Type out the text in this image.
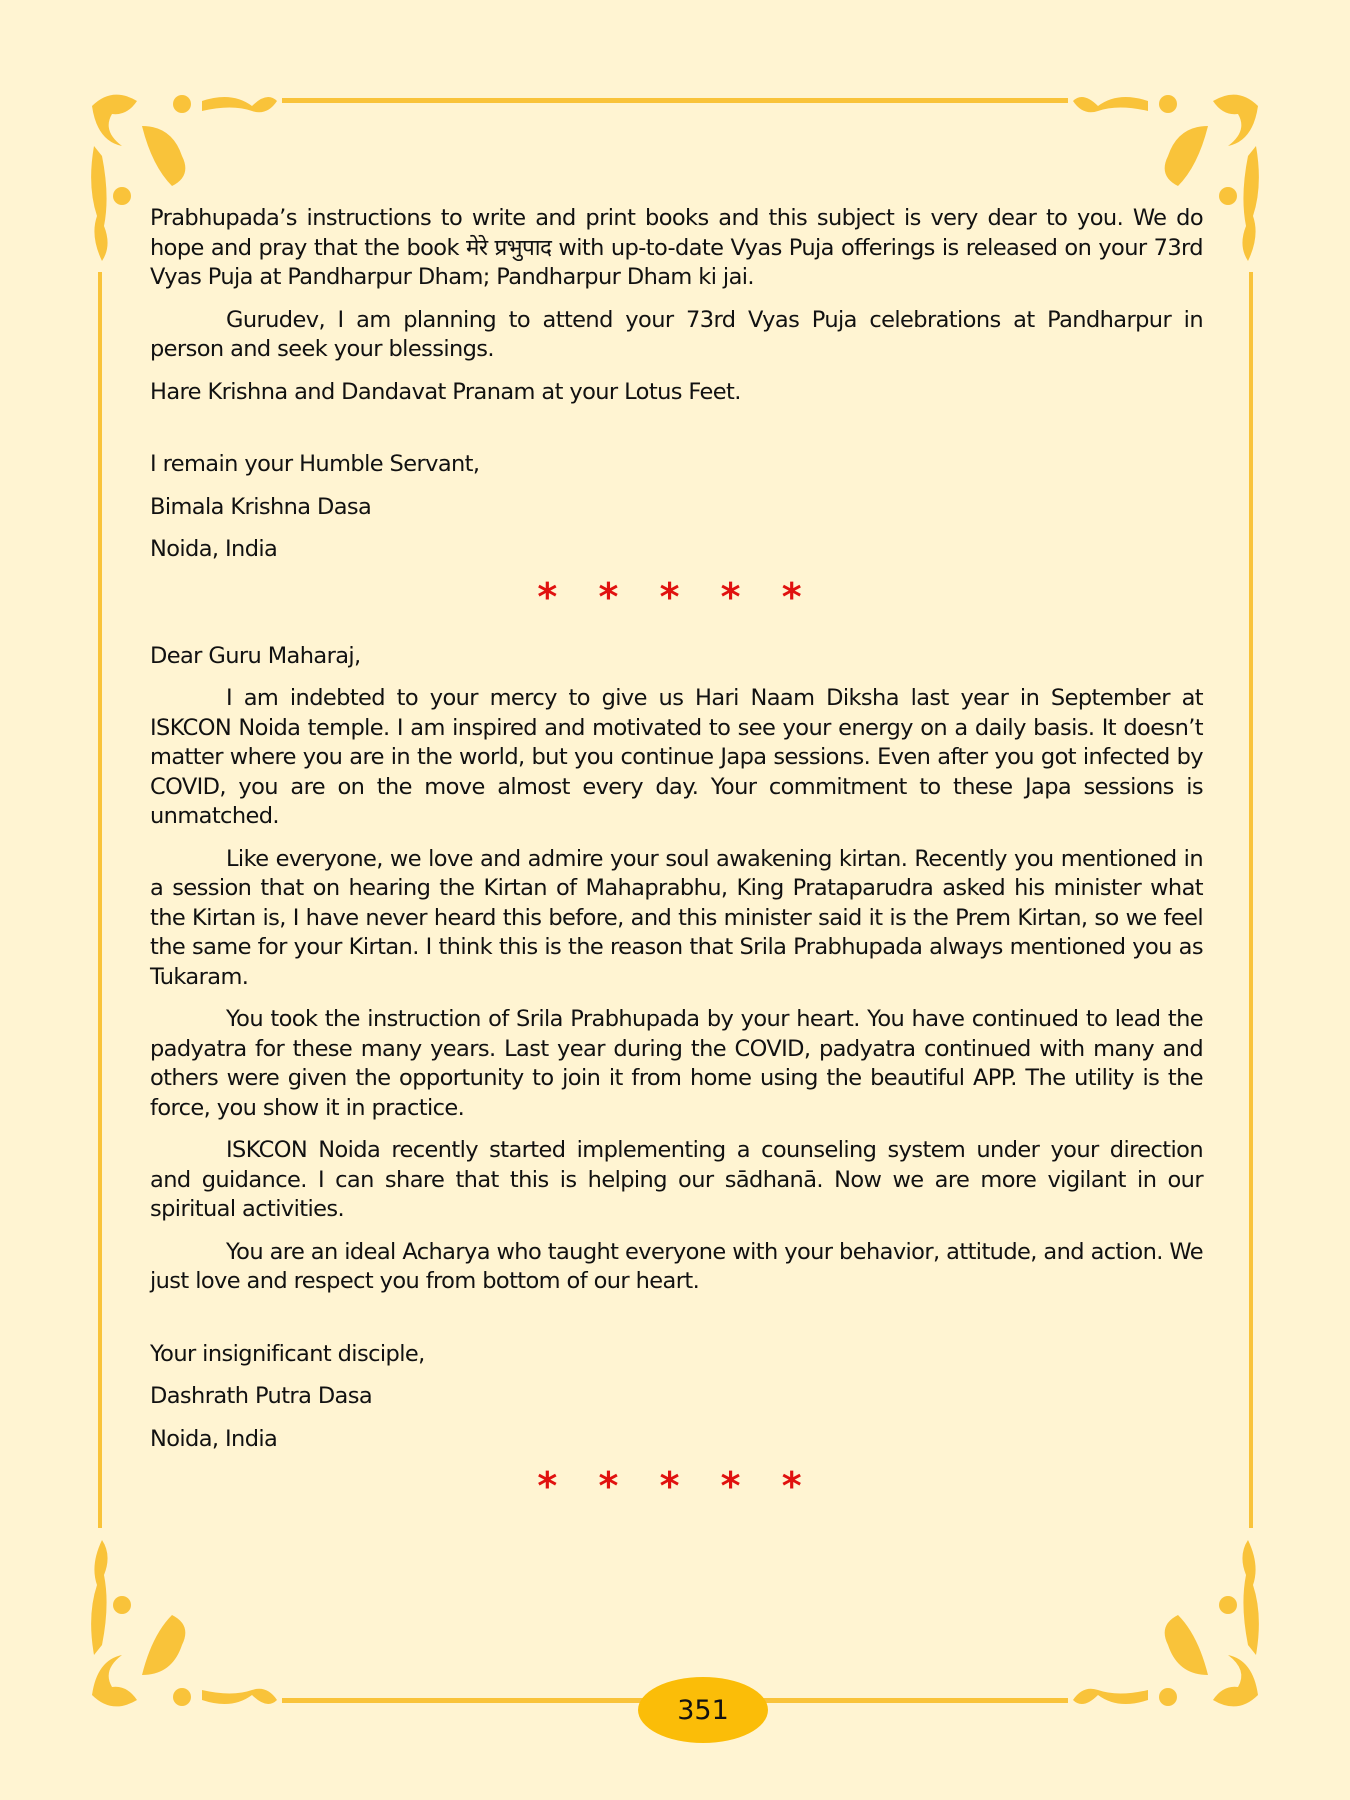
Prabhupada’s instructions to write and print books and this subject is very dear to you. We do hope and pray that the book मेरे प्रभुपाद with up-to-date Vyas Puja offerings is released on your 73rd Vyas Puja at Pandharpur Dham; Pandharpur Dham ki jai.

Gurudev, I am planning to attend your 73rd Vyas Puja celebrations at Pandharpur in person and seek your blessings.

Hare Krishna and Dandavat Pranam at your Lotus Feet.

I remain your Humble Servant,

Bimala Krishna Dasa

Noida, India

* * * * *

Dear Guru Maharaj,

I am indebted to your mercy to give us Hari Naam Diksha last year in September at ISKCON Noida temple. I am inspired and motivated to see your energy on a daily basis. It doesn’t matter where you are in the world, but you continue Japa sessions. Even after you got infected by COVID, you are on the move almost every day. Your commitment to these Japa sessions is unmatched.

Like everyone, we love and admire your soul awakening kirtan. Recently you mentioned in a session that on hearing the Kirtan of Mahaprabhu, King Prataparudra asked his minister what the Kirtan is, I have never heard this before, and this minister said it is the Prem Kirtan, so we feel the same for your Kirtan. I think this is the reason that Srila Prabhupada always mentioned you as Tukaram.

You took the instruction of Srila Prabhupada by your heart. You have continued to lead the padyatra for these many years. Last year during the COVID, padyatra continued with many and others were given the opportunity to join it from home using the beautiful APP. The utility is the force, you show it in practice.

ISKCON Noida recently started implementing a counseling system under your direction and guidance. I can share that this is helping our sādhanā. Now we are more vigilant in our spiritual activities.

You are an ideal Acharya who taught everyone with your behavior, attitude, and action. We just love and respect you from bottom of our heart.

Your insignificant disciple,

Dashrath Putra Dasa

Noida, India

* * * * *
351
